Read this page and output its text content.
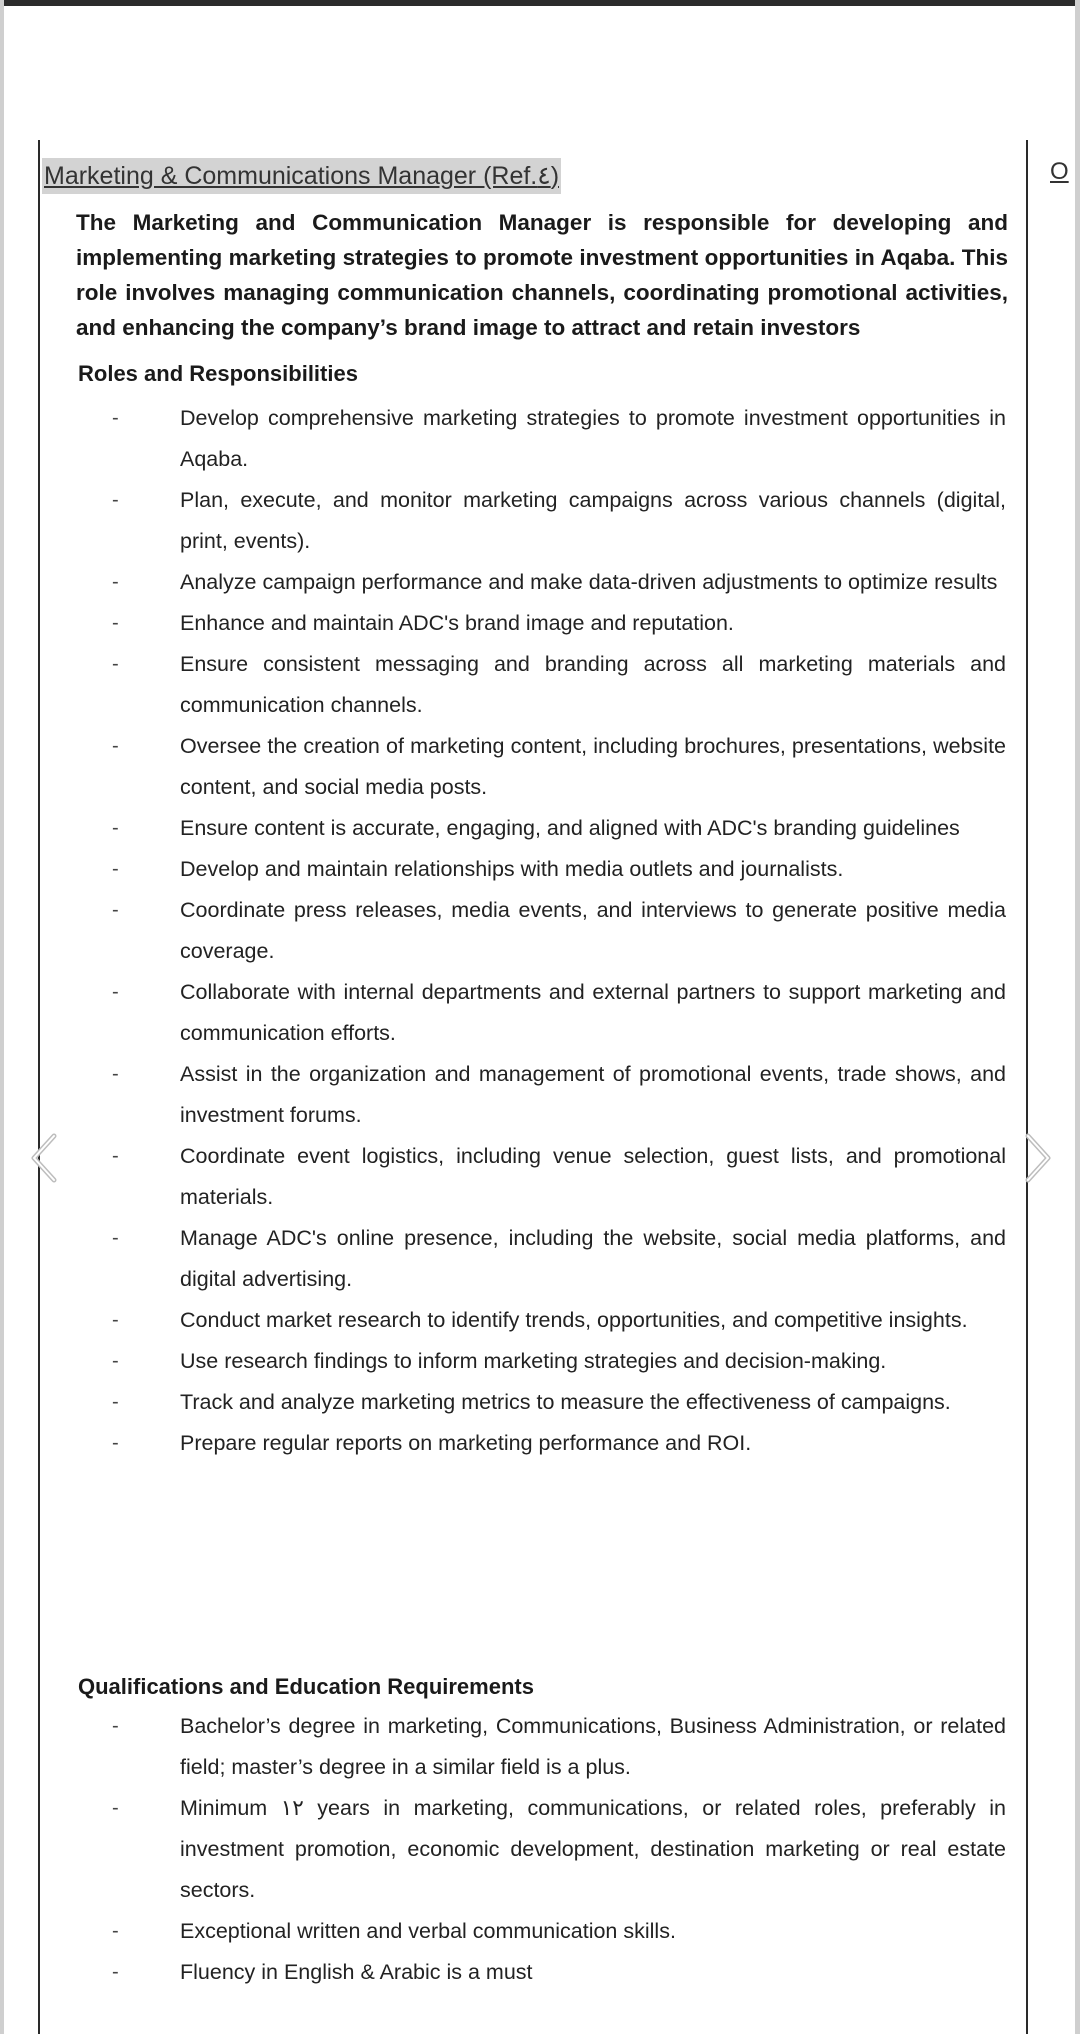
O
Marketing & Communications Manager (Ref.٤)
The Marketing and Communication Manager is responsible for developing and implementing marketing strategies to promote investment opportunities in Aqaba. This role involves managing communication channels, coordinating promotional activities, and enhancing the company’s brand image to attract and retain investors
Roles and Responsibilities
-	Develop comprehensive marketing strategies to promote investment opportunities in Aqaba.
-	Plan, execute, and monitor marketing campaigns across various channels (digital, print, events).
-	Analyze campaign performance and make data-driven adjustments to optimize results
-	Enhance and maintain ADC's brand image and reputation.
-	Ensure consistent messaging and branding across all marketing materials and communication channels.
-	Oversee the creation of marketing content, including brochures, presentations, website content, and social media posts.
-	Ensure content is accurate, engaging, and aligned with ADC's branding guidelines
-	Develop and maintain relationships with media outlets and journalists.
-	Coordinate press releases, media events, and interviews to generate positive media coverage.
-	Collaborate with internal departments and external partners to support marketing and communication efforts.
-	Assist in the organization and management of promotional events, trade shows, and investment forums.
-	Coordinate event logistics, including venue selection, guest lists, and promotional materials.
-	Manage ADC's online presence, including the website, social media platforms, and digital advertising.
-	Conduct market research to identify trends, opportunities, and competitive insights.
-	Use research findings to inform marketing strategies and decision-making.
-	Track and analyze marketing metrics to measure the effectiveness of campaigns.
-	Prepare regular reports on marketing performance and ROI.
Qualifications and Education Requirements
-	Bachelor’s degree in marketing, Communications, Business Administration, or related field; master’s degree in a similar field is a plus.
-	Minimum ١٢ years in marketing, communications, or related roles, preferably in investment promotion, economic development, destination marketing or real estate sectors.
-	Exceptional written and verbal communication skills.
-	Fluency in English & Arabic is a must
